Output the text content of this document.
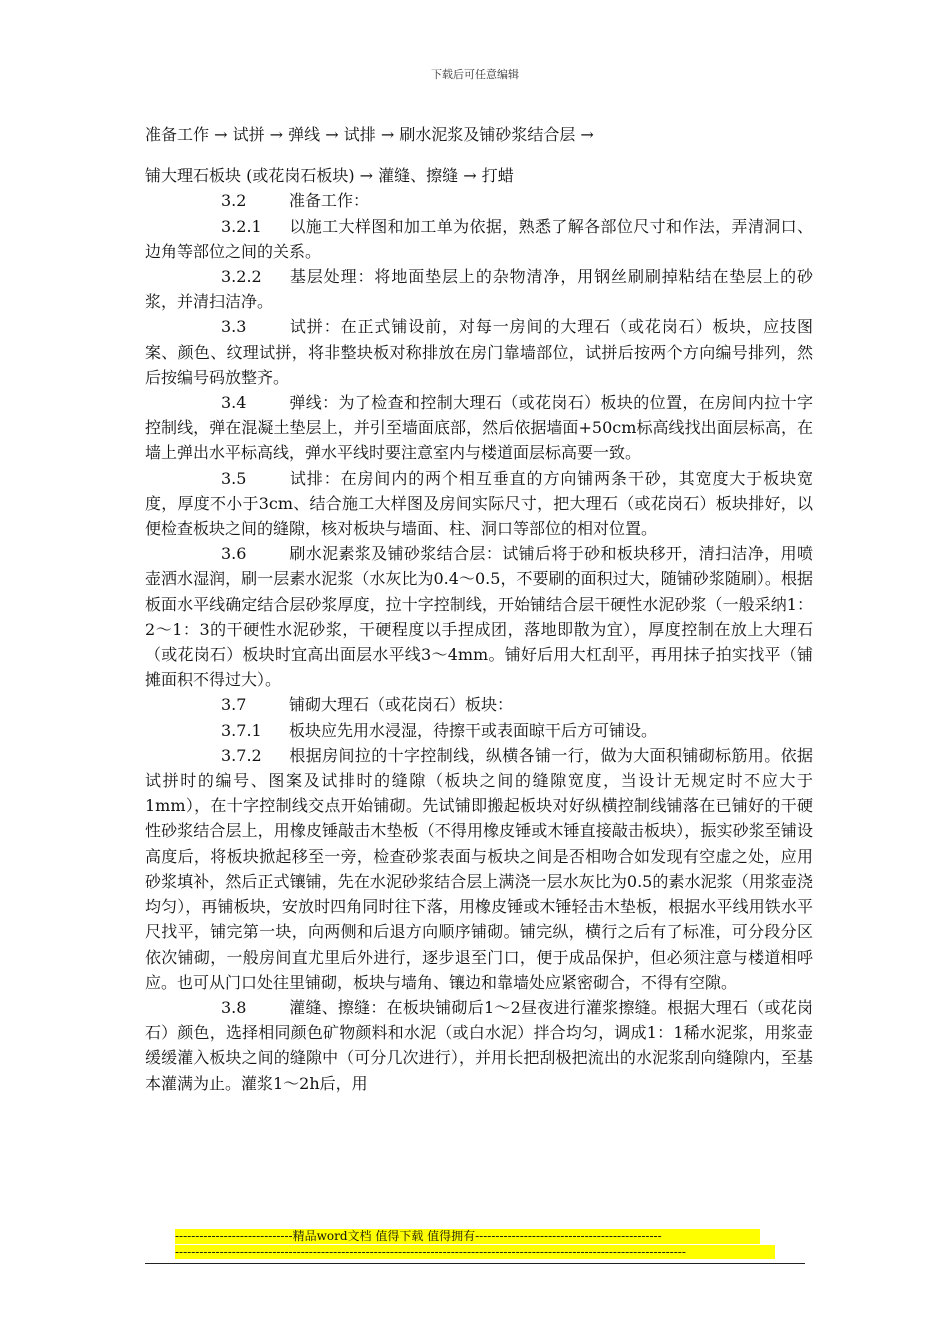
下载后可任意编辑

准备工作 → 试拼 → 弹线 → 试排 → 刷水泥浆及铺砂浆结合层 →

铺大理石板块 (或花岗石板块) → 灌缝、擦缝 → 打蜡

3.2	准备工作：

3.2.1 以施工大样图和加工单为依据，熟悉了解各部位尺寸和作法，弄清洞口、边角等部位之间的关系。

3.2.2 基层处理：将地面垫层上的杂物清净，用钢丝刷刷掉粘结在垫层上的砂浆，并清扫洁净。

3.3	试拼：在正式铺设前，对每一房间的大理石（或花岗石）板块，应技图案、颜色、纹理试拼，将非整块板对称排放在房门靠墙部位，试拼后按两个方向编号排列，然后按编号码放整齐。

3.4	弹线：为了检查和控制大理石（或花岗石）板块的位置，在房间内拉十字控制线，弹在混凝土垫层上，并引至墙面底部，然后依据墙面+50cm标高线找出面层标高，在墙上弹出水平标高线，弹水平线时要注意室内与楼道面层标高要一致。

3.5	试排：在房间内的两个相互垂直的方向铺两条干砂，其宽度大于板块宽度，厚度不小于3cm、结合施工大样图及房间实际尺寸，把大理石（或花岗石）板块排好，以便检查板块之间的缝隙，核对板块与墙面、柱、洞口等部位的相对位置。

3.6	刷水泥素浆及铺砂浆结合层：试铺后将于砂和板块移开，清扫洁净，用喷壶洒水湿润，刷一层素水泥浆（水灰比为0.4～0.5，不要刷的面积过大，随铺砂浆随刷）。根据板面水平线确定结合层砂浆厚度，拉十字控制线，开始铺结合层干硬性水泥砂浆（一般采纳1：2～1：3的干硬性水泥砂浆，干硬程度以手捏成团，落地即散为宜），厚度控制在放上大理石（或花岗石）板块时宜高出面层水平线3～4mm。铺好后用大杠刮平，再用抹子拍实找平（铺摊面积不得过大）。

3.7	铺砌大理石（或花岗石）板块：

3.7.1 板块应先用水浸湿，待擦干或表面晾干后方可铺设。

3.7.2 根据房间拉的十字控制线，纵横各铺一行，做为大面积铺砌标筋用。依据试拼时的编号、图案及试排时的缝隙（板块之间的缝隙宽度，当设计无规定时不应大于1mm），在十字控制线交点开始铺砌。先试铺即搬起板块对好纵横控制线铺落在已铺好的干硬性砂浆结合层上，用橡皮锤敲击木垫板（不得用橡皮锤或木锤直接敲击板块），振实砂浆至铺设高度后，将板块掀起移至一旁，检查砂浆表面与板块之间是否相吻合如发现有空虚之处，应用砂浆填补，然后正式镶铺，先在水泥砂浆结合层上满浇一层水灰比为0.5的素水泥浆（用浆壶浇均匀），再铺板块，安放时四角同时往下落，用橡皮锤或木锤轻击木垫板，根据水平线用铁水平尺找平，铺完第一块，向两侧和后退方向顺序铺砌。铺完纵，横行之后有了标准，可分段分区依次铺砌，一般房间直尤里后外进行，逐步退至门口，便于成品保护，但必须注意与楼道相呼应。也可从门口处往里铺砌，板块与墙角、镶边和靠墙处应紧密砌合，不得有空隙。

3.8	灌缝、擦缝：在板块铺砌后1～2昼夜进行灌浆擦缝。根据大理石（或花岗石）颜色，选择相同颜色矿物颜料和水泥（或白水泥）拌合均匀，调成1：1稀水泥浆，用浆壶缓缓灌入板块之间的缝隙中（可分几次进行），并用长把刮极把流出的水泥浆刮向缝隙内，至基本灌满为止。灌浆1～2h后，用

-----------------------------精品word文档 值得下载 值得拥有----------------------------------------------
------------------------------------------------------------------------------------------------------------------------------
